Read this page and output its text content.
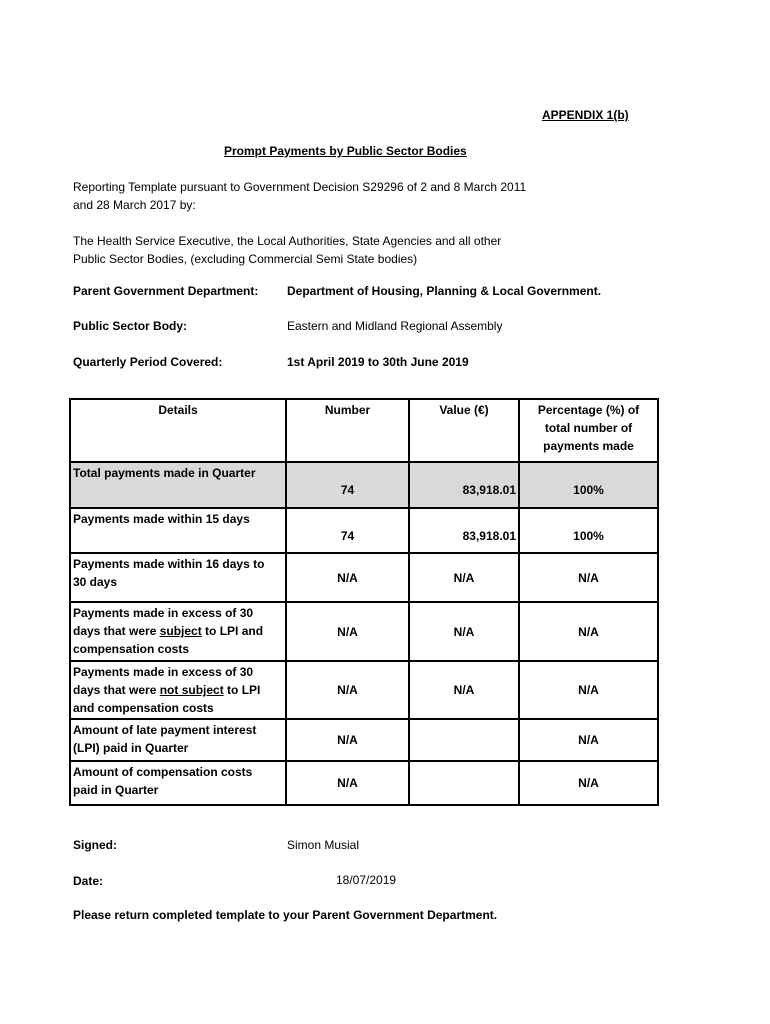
APPENDIX 1(b)
Prompt Payments by Public Sector Bodies
Reporting Template pursuant to Government Decision S29296 of 2 and 8 March 2011
and 28 March 2017 by:
The Health Service Executive, the Local Authorities, State Agencies and all other
Public Sector Bodies, (excluding Commercial Semi State bodies)
Parent Government Department: Department of Housing, Planning & Local Government.
Public Sector Body:	Eastern and Midland Regional Assembly
Quarterly Period Covered:	1st April 2019 to 30th June 2019
Details	Number	Value (€)	Percentage (%) of
total number of
payments made

Total payments made in Quarter	74	83,918.01	100%

Payments made within 15 days	74	83,918.01	100%

Payments made within 16 days to
30 days	N/A	N/A	N/A

Payments made in excess of 30
days that were subject to LPI and
compensation costs	N/A	N/A	N/A

Payments made in excess of 30
days that were not subject to LPI
and compensation costs	N/A	N/A	N/A

Amount of late payment interest
(LPI) paid in Quarter	N/A		N/A

Amount of compensation costs
paid in Quarter	N/A		N/A
Signed:	Simon Musial
Date:	18/07/2019
Please return completed template to your Parent Government Department.
